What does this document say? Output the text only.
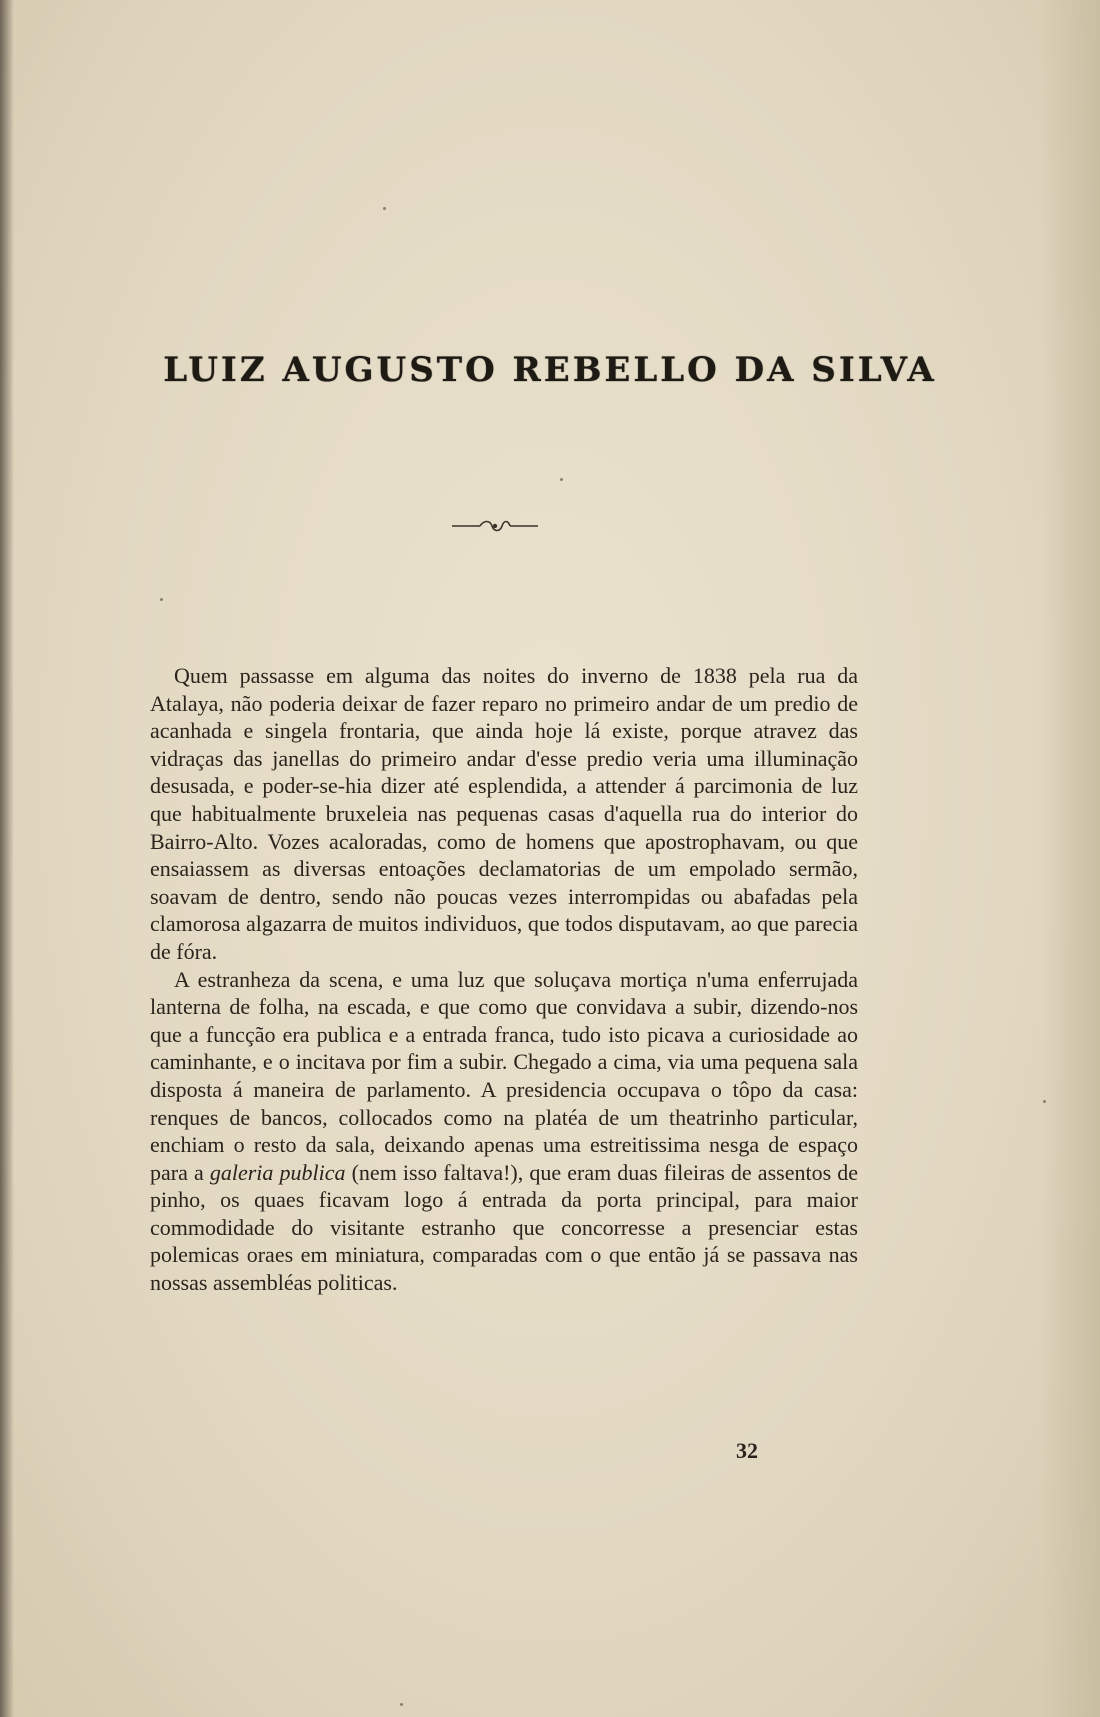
LUIZ AUGUSTO REBELLO DA SILVA

Quem passasse em alguma das noites do inverno de 1838 pela rua da Atalaya, não poderia deixar de fazer reparo no primeiro andar de um predio de acanhada e singela frontaria, que ainda hoje lá existe, porque atravez das vidraças das janellas do primeiro andar d'esse predio veria uma illuminação desusada, e poder-se-hia dizer até esplendida, a attender á parcimonia de luz que habitualmente bruxeleia nas pequenas casas d'aquella rua do interior do Bairro-Alto. Vozes acaloradas, como de homens que apostrophavam, ou que ensaiassem as diversas entoações declamatorias de um empolado sermão, soavam de dentro, sendo não poucas vezes interrompidas ou abafadas pela clamorosa algazarra de muitos individuos, que todos disputavam, ao que parecia de fóra.

A estranheza da scena, e uma luz que soluçava mortiça n'uma enferrujada lanterna de folha, na escada, e que como que convidava a subir, dizendo-nos que a funcção era publica e a entrada franca, tudo isto picava a curiosidade ao caminhante, e o incitava por fim a subir. Chegado a cima, via uma pequena sala disposta á maneira de parlamento. A presidencia occupava o tôpo da casa: renques de bancos, collocados como na platéa de um theatrinho particular, enchiam o resto da sala, deixando apenas uma estreitissima nesga de espaço para a galeria publica (nem isso faltava!), que eram duas fileiras de assentos de pinho, os quaes ficavam logo á entrada da porta principal, para maior commodidade do visitante estranho que concorresse a presenciar estas polemicas oraes em miniatura, comparadas com o que então já se passava nas nossas assembléas politicas.

32
